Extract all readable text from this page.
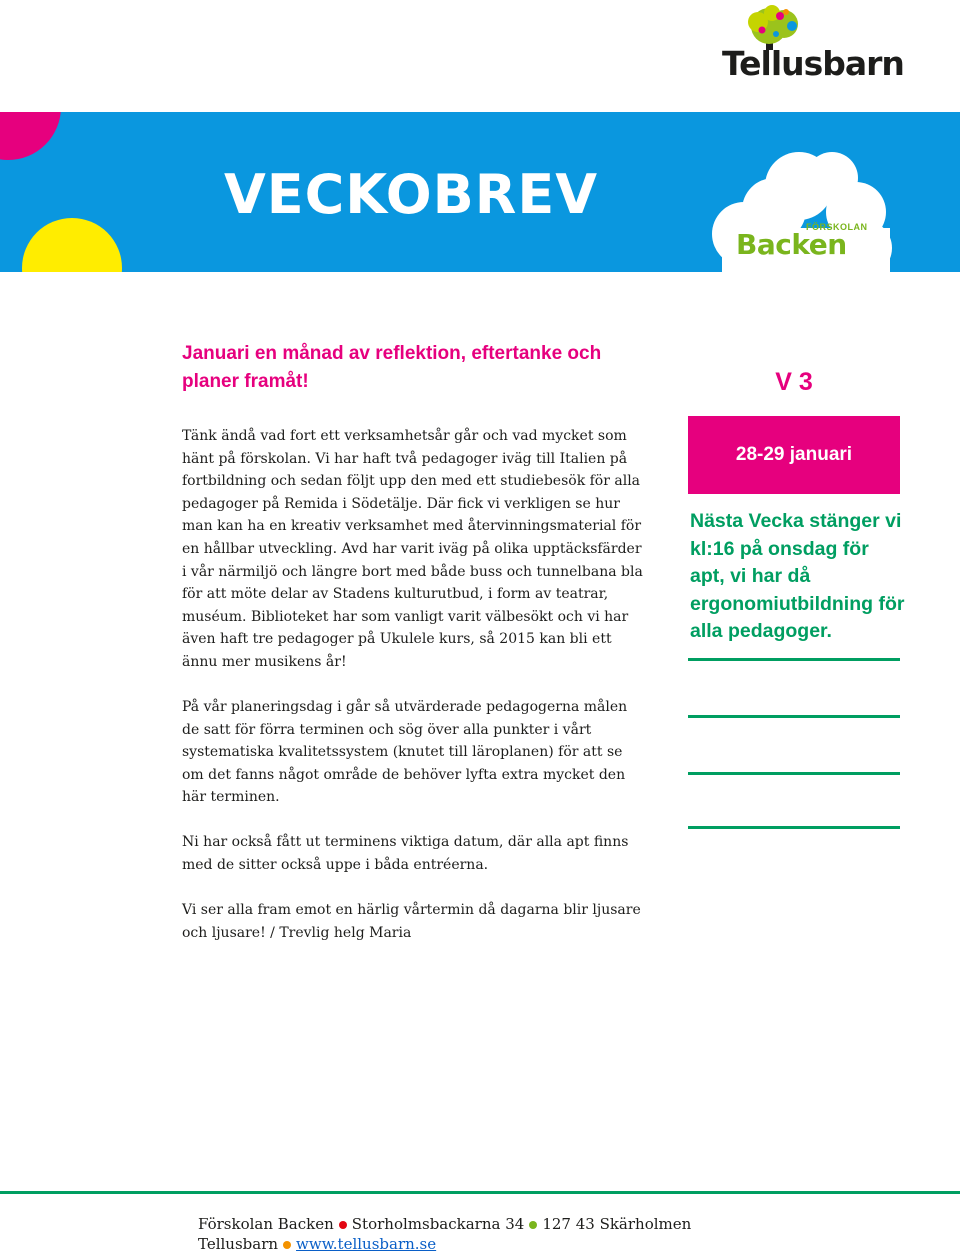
Tellusbarn
VECKOBREV
FÖRSKOLAN
Backen
Januari en månad av reflektion, eftertanke och planer framåt!

Tänk ändå vad fort ett verksamhetsår går och vad mycket som hänt på förskolan. Vi har haft två pedagoger iväg till Italien på fortbildning och sedan följt upp den med ett studiebesök för alla pedagoger på Remida i Södetälje. Där fick vi verkligen se hur man kan ha en kreativ verksamhet med återvinningsmaterial för en hållbar utveckling. Avd har varit iväg på olika upptäcksfärder i vår närmiljö och längre bort med både buss och tunnelbana bla för att möte delar av Stadens kulturutbud, i form av teatrar, muséum. Biblioteket har som vanligt varit välbesökt och vi har även haft tre pedagoger på Ukulele kurs, så 2015 kan bli ett ännu mer musikens år!

På vår planeringsdag i går så utvärderade pedagogerna målen de satt för förra terminen och sög över alla punkter i vårt systematiska kvalitetssystem (knutet till läroplanen) för att se om det fanns något område de behöver lyfta extra mycket den här terminen.

Ni har också fått ut terminens viktiga datum, där alla apt finns med de sitter också uppe i båda entréerna.

Vi ser alla fram emot en härlig vårtermin då dagarna blir ljusare och ljusare! / Trevlig helg Maria

V 3
28-29 januari
Nästa Vecka stänger vi kl:16 på onsdag för apt, vi har då ergonomiutbildning för alla pedagoger.
Förskolan Backen Storholmsbackarna 34 127 43 Skärholmen
Tellusbarn www.tellusbarn.se
